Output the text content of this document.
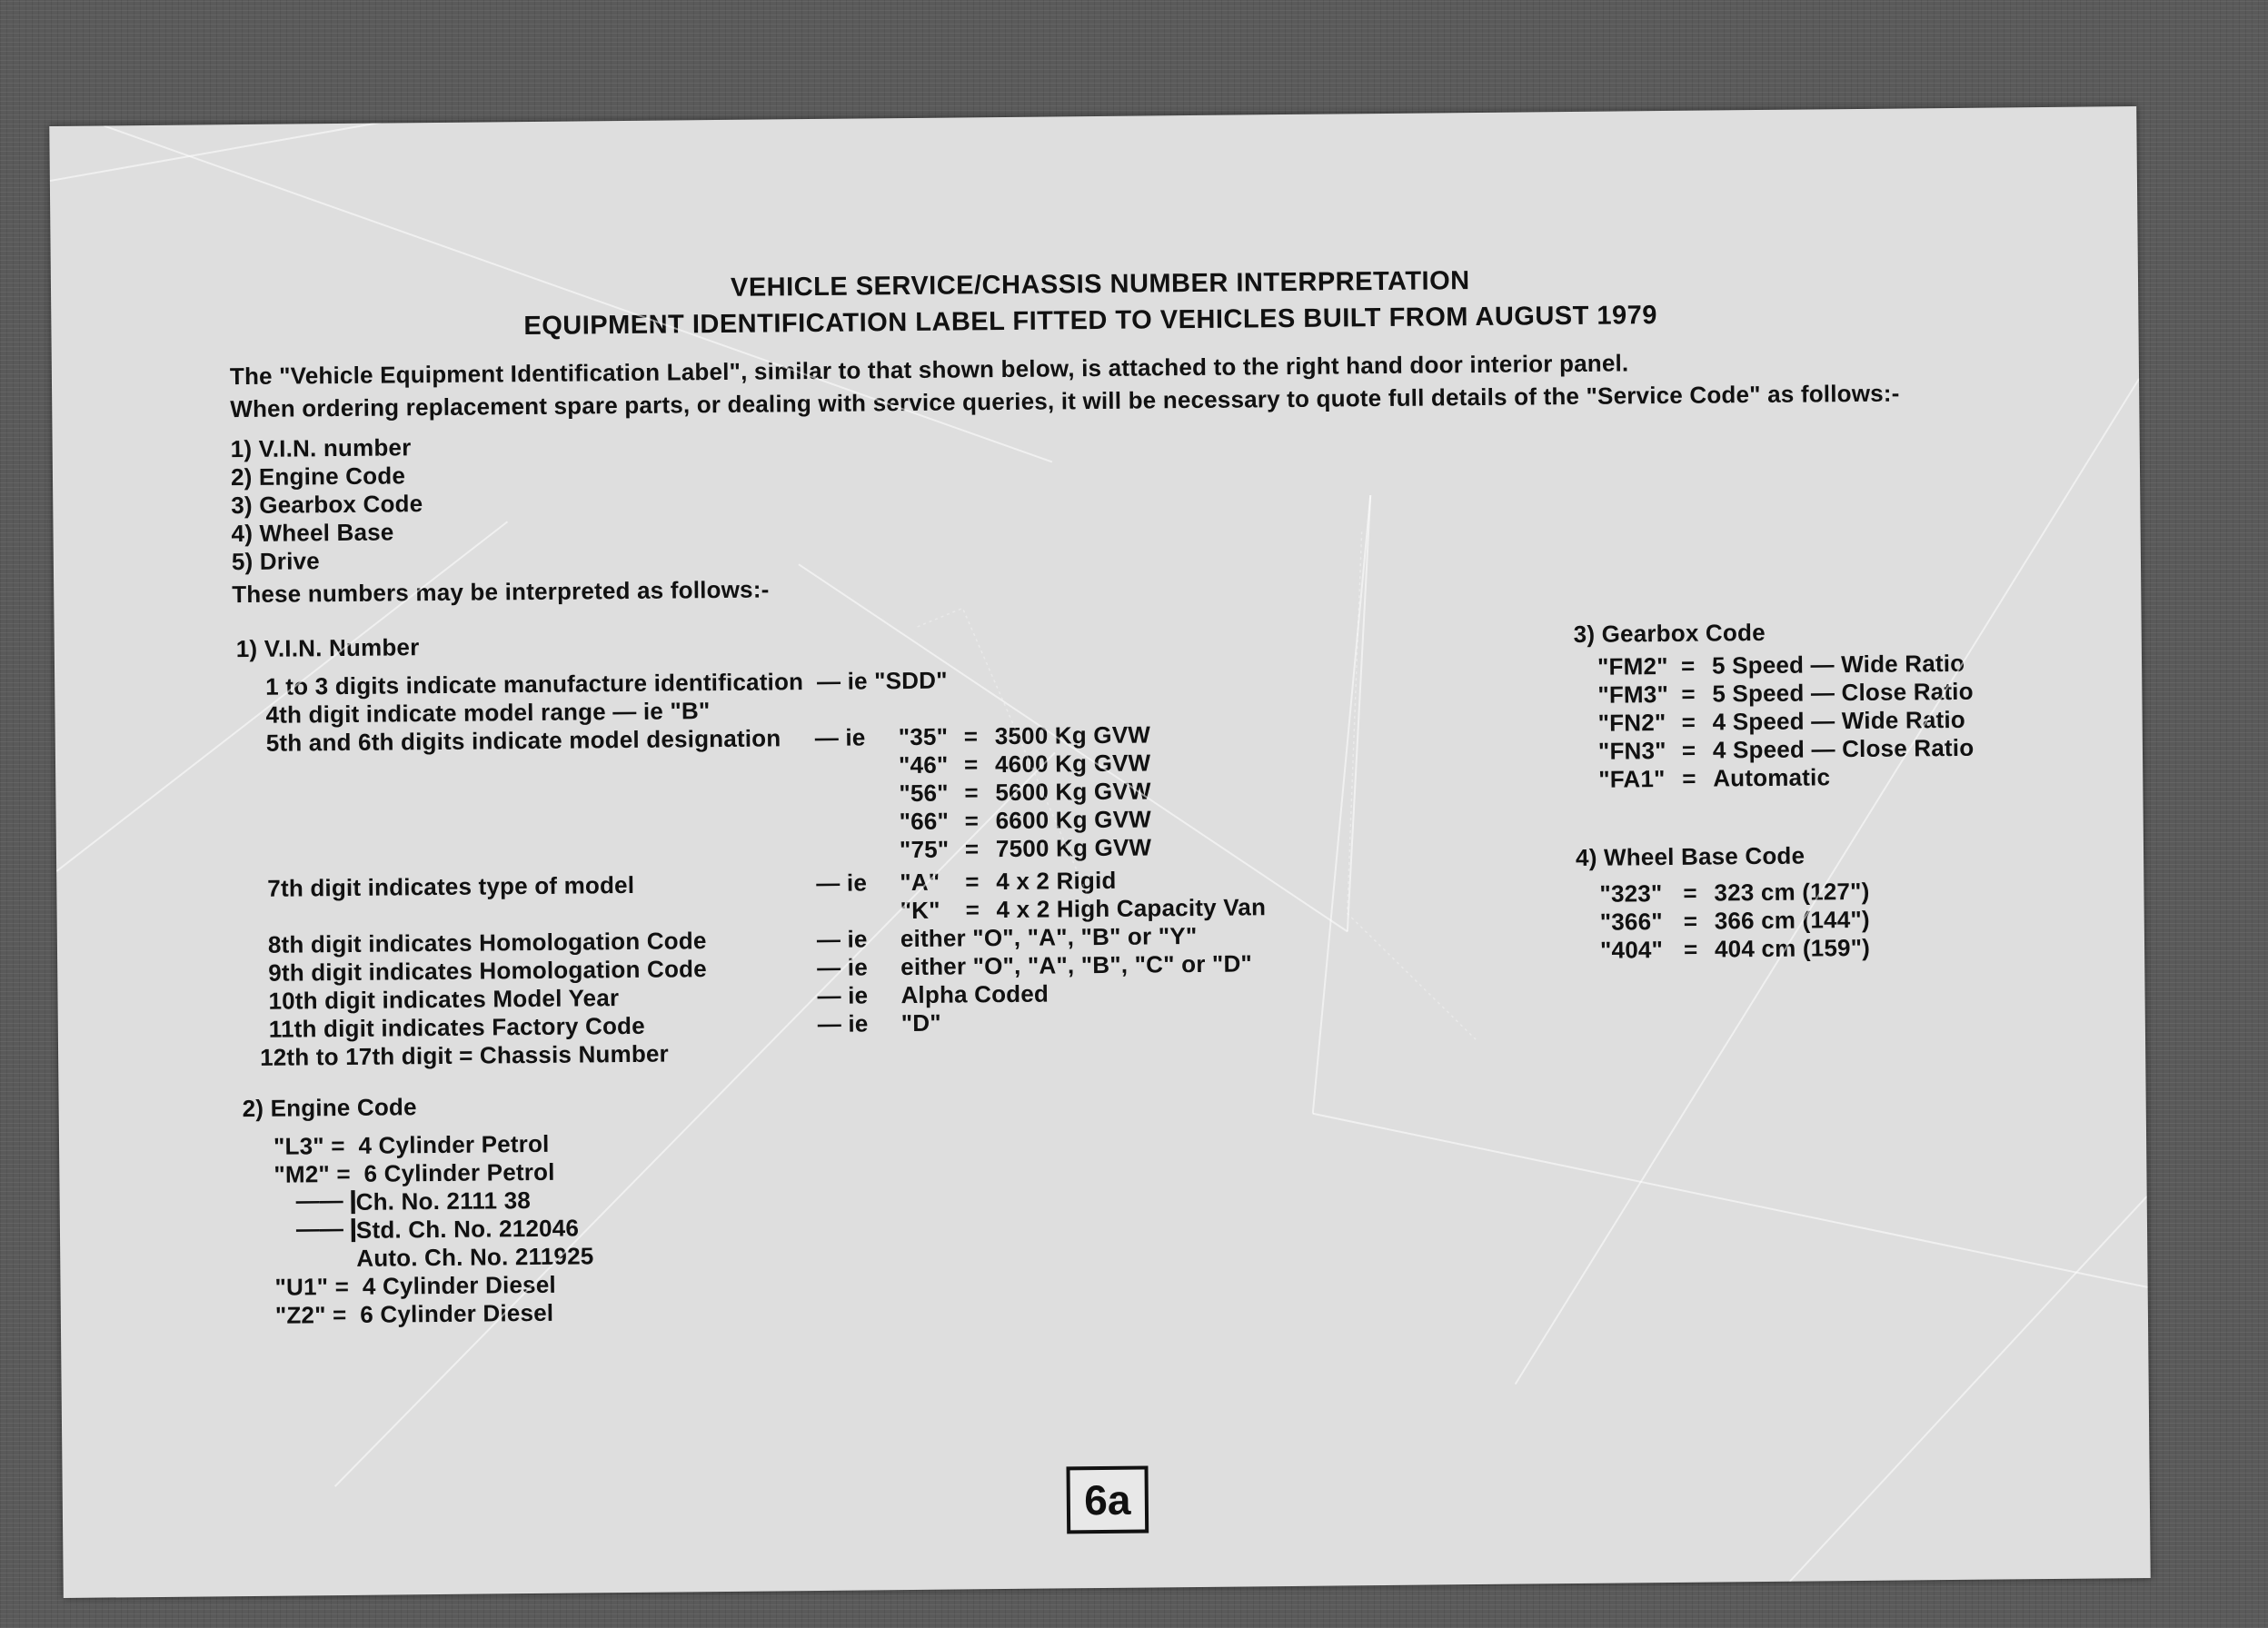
VEHICLE SERVICE/CHASSIS NUMBER INTERPRETATION
EQUIPMENT IDENTIFICATION LABEL FITTED TO VEHICLES BUILT FROM AUGUST 1979
The "Vehicle Equipment Identification Label", similar to that shown below, is attached to the right hand door interior panel.
When ordering replacement spare parts, or dealing with service queries, it will be necessary to quote full details of the "Service Code" as follows:-
1) V.I.N. number
2) Engine Code
3) Gearbox Code
4) Wheel Base
5) Drive
These numbers may be interpreted as follows:-
1) V.I.N. Number
1 to 3 digits indicate manufacture identification  — ie "SDD"
4th digit indicate model range — ie "B"
5th and 6th digits indicate model designation — ie "35" = 3500 Kg GVW
"46" = 4600 Kg GVW
"56" = 5600 Kg GVW
"66" = 6600 Kg GVW
"75" = 7500 Kg GVW
7th digit indicates type of model	— ie "A" = 4 x 2 Rigid
"K" = 4 x 2 High Capacity Van
8th digit indicates Homologation Code	— ie either "O", "A", "B" or "Y"
9th digit indicates Homologation Code	— ie either "O", "A", "B", "C" or "D"
10th digit indicates Model Year	— ie Alpha Coded
11th digit indicates Factory Code	— ie "D"
12th to 17th digit = Chassis Number
2) Engine Code
"L3" =  4 Cylinder Petrol
"M2" =  6 Cylinder Petrol
——❙
Ch. No. 2111 38
——❙
Std. Ch. No. 212046
Auto. Ch. No. 211925
"U1" =  4 Cylinder Diesel
"Z2" =  6 Cylinder Diesel
3) Gearbox Code
"FM2" = 5 Speed — Wide Ratio
"FM3" = 5 Speed — Close Ratio
"FN2" = 4 Speed — Wide Ratio
"FN3" = 4 Speed — Close Ratio
"FA1" = Automatic
4) Wheel Base Code
"323" = 323 cm (127")
"366" = 366 cm (144")
"404" = 404 cm (159")
6a
